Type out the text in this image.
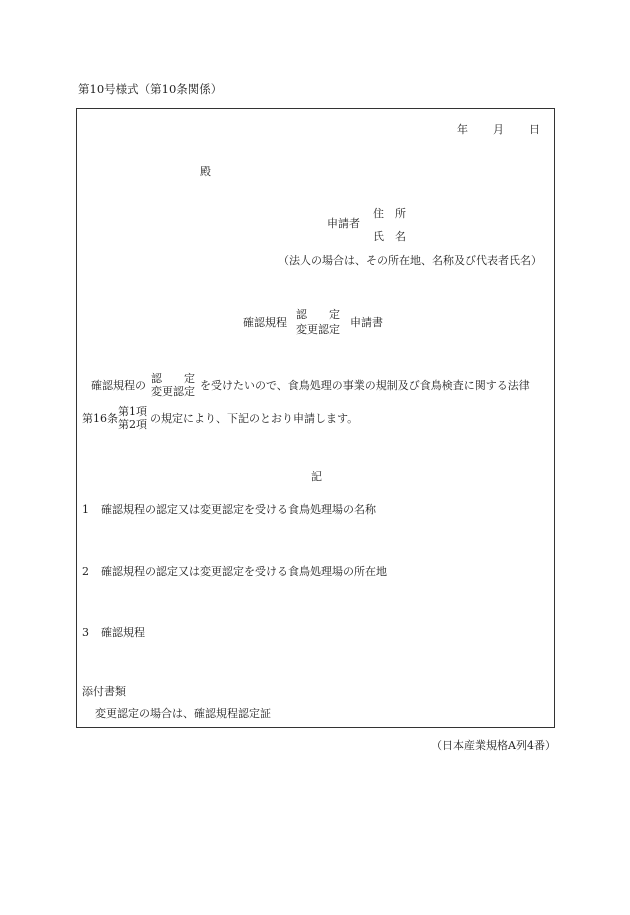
第10号様式（第10条関係）
年 月 日
殿
申請者
住　所
氏　名
（法人の場合は、その所在地、名称及び代表者氏名）
確認規程
認　　定
変更認定
申請書
確認規程の
認　　定
変更認定 を受けたいので、食鳥処理の事業の規制及び食鳥検査に関する法律
第16条
第1項
第2項 の規定により、下記のとおり申請します。
記
1 確認規程の認定又は変更認定を受ける食鳥処理場の名称
2 確認規程の認定又は変更認定を受ける食鳥処理場の所在地
3 確認規程
添付書類
変更認定の場合は、確認規程認定証
（日本産業規格A列4番）
